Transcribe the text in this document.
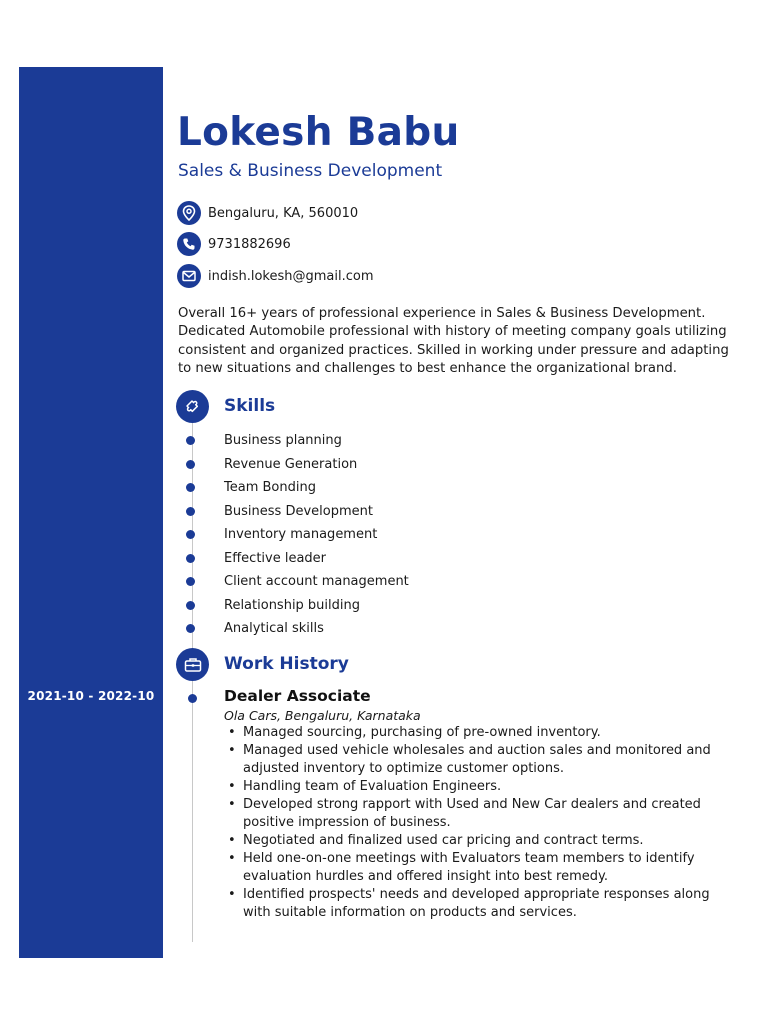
2021-10 - 2022-10
Lokesh Babu
Sales & Business Development
Bengaluru, KA, 560010
9731882696
indish.lokesh@gmail.com
Overall 16+ years of professional experience in Sales & Business Development. Dedicated Automobile professional with history of meeting company goals utilizing consistent and organized practices. Skilled in working under pressure and adapting to new situations and challenges to best enhance the organizational brand.
Skills
Business planning
Revenue Generation
Team Bonding
Business Development
Inventory management
Effective leader
Client account management
Relationship building
Analytical skills
Work History
Dealer Associate
Ola Cars, Bengaluru, Karnataka
• Managed sourcing, purchasing of pre-owned inventory.
• Managed used vehicle wholesales and auction sales and monitored and adjusted inventory to optimize customer options.
• Handling team of Evaluation Engineers.
• Developed strong rapport with Used and New Car dealers and created positive impression of business.
• Negotiated and finalized used car pricing and contract terms.
• Held one-on-one meetings with Evaluators team members to identify evaluation hurdles and offered insight into best remedy.
• Identified prospects' needs and developed appropriate responses along with suitable information on products and services.
